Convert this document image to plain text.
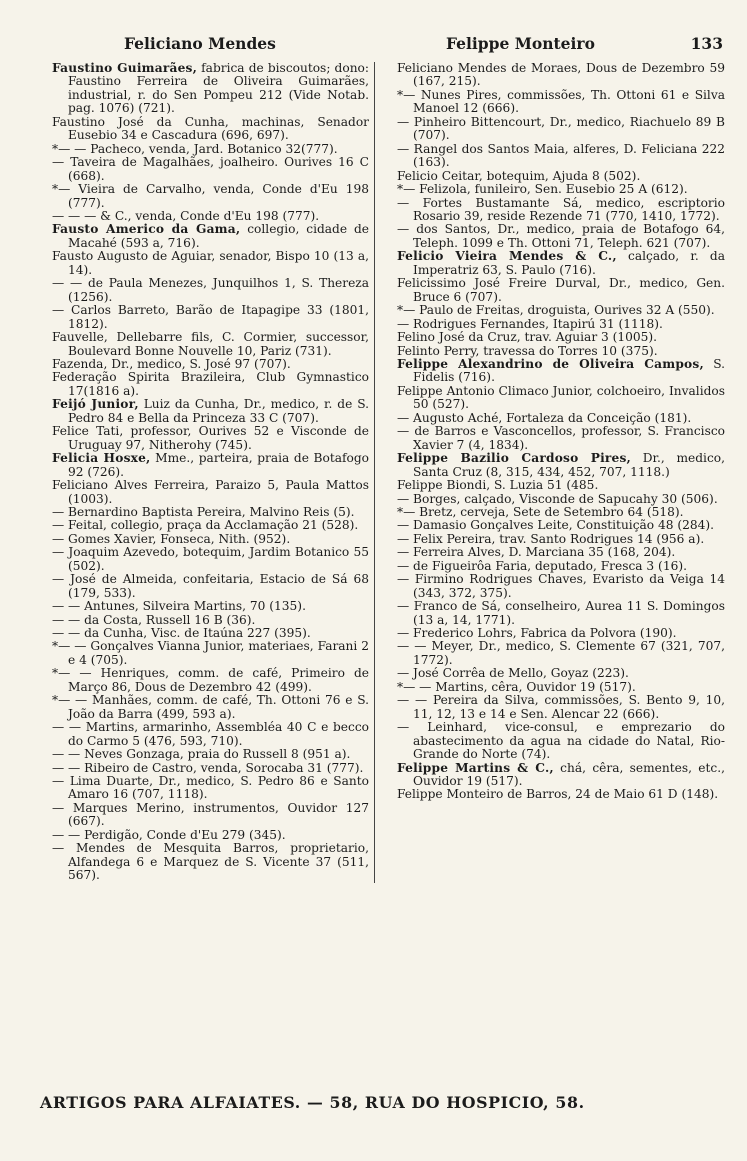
Feliciano Mendes	Felippe Monteiro	133

Faustino Guimarães, fabrica de biscoutos; dono: Faustino Ferreira de Oliveira Guimarães, industrial, r. do Sen Pompeu 212 (Vide Notab. pag. 1076) (721).

Faustino José da Cunha, machinas, Senador Eusebio 34 e Cascadura (696, 697).

*— — Pacheco, venda, Jard. Botanico 32(777).

— Taveira de Magalhães, joalheiro. Ourives 16 C (668).

*— Vieira de Carvalho, venda, Conde d'Eu 198 (777).

— — — & C., venda, Conde d'Eu 198 (777).

Fausto Americo da Gama, collegio, cidade de Macahé (593 a, 716).

Fausto Augusto de Aguiar, senador, Bispo 10 (13 a, 14).

— — de Paula Menezes, Junquilhos 1, S. Thereza (1256).

— Carlos Barreto, Barão de Itapagipe 33 (1801, 1812).

Fauvelle, Dellebarre fils, C. Cormier, successor, Boulevard Bonne Nouvelle 10, Pariz (731).

Fazenda, Dr., medico, S. José 97 (707).

Federação Spirita Brazileira, Club Gymnastico 17(1816 a).

Feijó Junior, Luiz da Cunha, Dr., medico, r. de S. Pedro 84 e Bella da Princeza 33 C (707).

Felice Tati, professor, Ourives 52 e Visconde de Uruguay 97, Nitherohy (745).

Felicia Hosxe, Mme., parteira, praia de Botafogo 92 (726).

Feliciano Alves Ferreira, Paraizo 5, Paula Mattos (1003).

— Bernardino Baptista Pereira, Malvino Reis (5).

— Feital, collegio, praça da Acclamação 21 (528).

— Gomes Xavier, Fonseca, Nith. (952).

— Joaquim Azevedo, botequim, Jardim Botanico 55 (502).

— José de Almeida, confeitaria, Estacio de Sá 68 (179, 533).

— — Antunes, Silveira Martins, 70 (135).

— — da Costa, Russell 16 B (36).

— — da Cunha, Visc. de Itaúna 227 (395).

*— — Gonçalves Vianna Junior, materiaes, Farani 2 e 4 (705).

*— — Henriques, comm. de café, Primeiro de Março 86, Dous de Dezembro 42 (499).

*— — Manhães, comm. de café, Th. Ottoni 76 e S. João da Barra (499, 593 a).

— — Martins, armarinho, Assembléa 40 C e becco do Carmo 5 (476, 593, 710).

— — Neves Gonzaga, praia do Russell 8 (951 a).

— — Ribeiro de Castro, venda, Sorocaba 31 (777).

— Lima Duarte, Dr., medico, S. Pedro 86 e Santo Amaro 16 (707, 1118).

— Marques Merino, instrumentos, Ouvidor 127 (667).

— — Perdigão, Conde d'Eu 279 (345).

— Mendes de Mesquita Barros, proprietario, Alfandega 6 e Marquez de S. Vicente 37 (511, 567).

Feliciano Mendes de Moraes, Dous de Dezembro 59 (167, 215).

*— Nunes Pires, commissões, Th. Ottoni 61 e Silva Manoel 12 (666).

— Pinheiro Bittencourt, Dr., medico, Riachuelo 89 B (707).

— Rangel dos Santos Maia, alferes, D. Feliciana 222 (163).

Felicio Ceitar, botequim, Ajuda 8 (502).

*— Felizola, funileiro, Sen. Eusebio 25 A (612).

— Fortes Bustamante Sá, medico, escriptorio Rosario 39, reside Rezende 71 (770, 1410, 1772).

— dos Santos, Dr., medico, praia de Botafogo 64, Teleph. 1099 e Th. Ottoni 71, Teleph. 621 (707).

Felicio Vieira Mendes & C., calçado, r. da Imperatriz 63, S. Paulo (716).

Felicissimo José Freire Durval, Dr., medico, Gen. Bruce 6 (707).

*— Paulo de Freitas, droguista, Ourives 32 A (550).

— Rodrigues Fernandes, Itapirú 31 (1118).

Felino José da Cruz, trav. Aguiar 3 (1005).

Felinto Perry, travessa do Torres 10 (375).

Felippe Alexandrino de Oliveira Campos, S. Fidelis (716).

Felippe Antonio Climaco Junior, colchoeiro, Invalidos 50 (527).

— Augusto Aché, Fortaleza da Conceição (181).

— de Barros e Vasconcellos, professor, S. Francisco Xavier 7 (4, 1834).

Felippe Bazilio Cardoso Pires, Dr., medico, Santa Cruz (8, 315, 434, 452, 707, 1118.)

Felippe Biondi, S. Luzia 51 (485.

— Borges, calçado, Visconde de Sapucahy 30 (506).

*— Bretz, cerveja, Sete de Setembro 64 (518).

— Damasio Gonçalves Leite, Constituição 48 (284).

— Felix Pereira, trav. Santo Rodrigues 14 (956 a).

— Ferreira Alves, D. Marciana 35 (168, 204).

— de Figueirôa Faria, deputado, Fresca 3 (16).

— Firmino Rodrigues Chaves, Evaristo da Veiga 14 (343, 372, 375).

— Franco de Sá, conselheiro, Aurea 11 S. Domingos (13 a, 14, 1771).

— Frederico Lohrs, Fabrica da Polvora (190).

— — Meyer, Dr., medico, S. Clemente 67 (321, 707, 1772).

— José Corrêa de Mello, Goyaz (223).

*— — Martins, cêra, Ouvidor 19 (517).

— — Pereira da Silva, commissões, S. Bento 9, 10, 11, 12, 13 e 14 e Sen. Alencar 22 (666).

— Leinhard, vice-consul, e emprezario do abastecimento da agua na cidade do Natal, Rio-Grande do Norte (74).

Felippe Martins & C., chá, cêra, sementes, etc., Ouvidor 19 (517).

Felippe Monteiro de Barros, 24 de Maio 61 D (148).

ARTIGOS PARA ALFAIATES. — 58, RUA DO HOSPICIO, 58.
